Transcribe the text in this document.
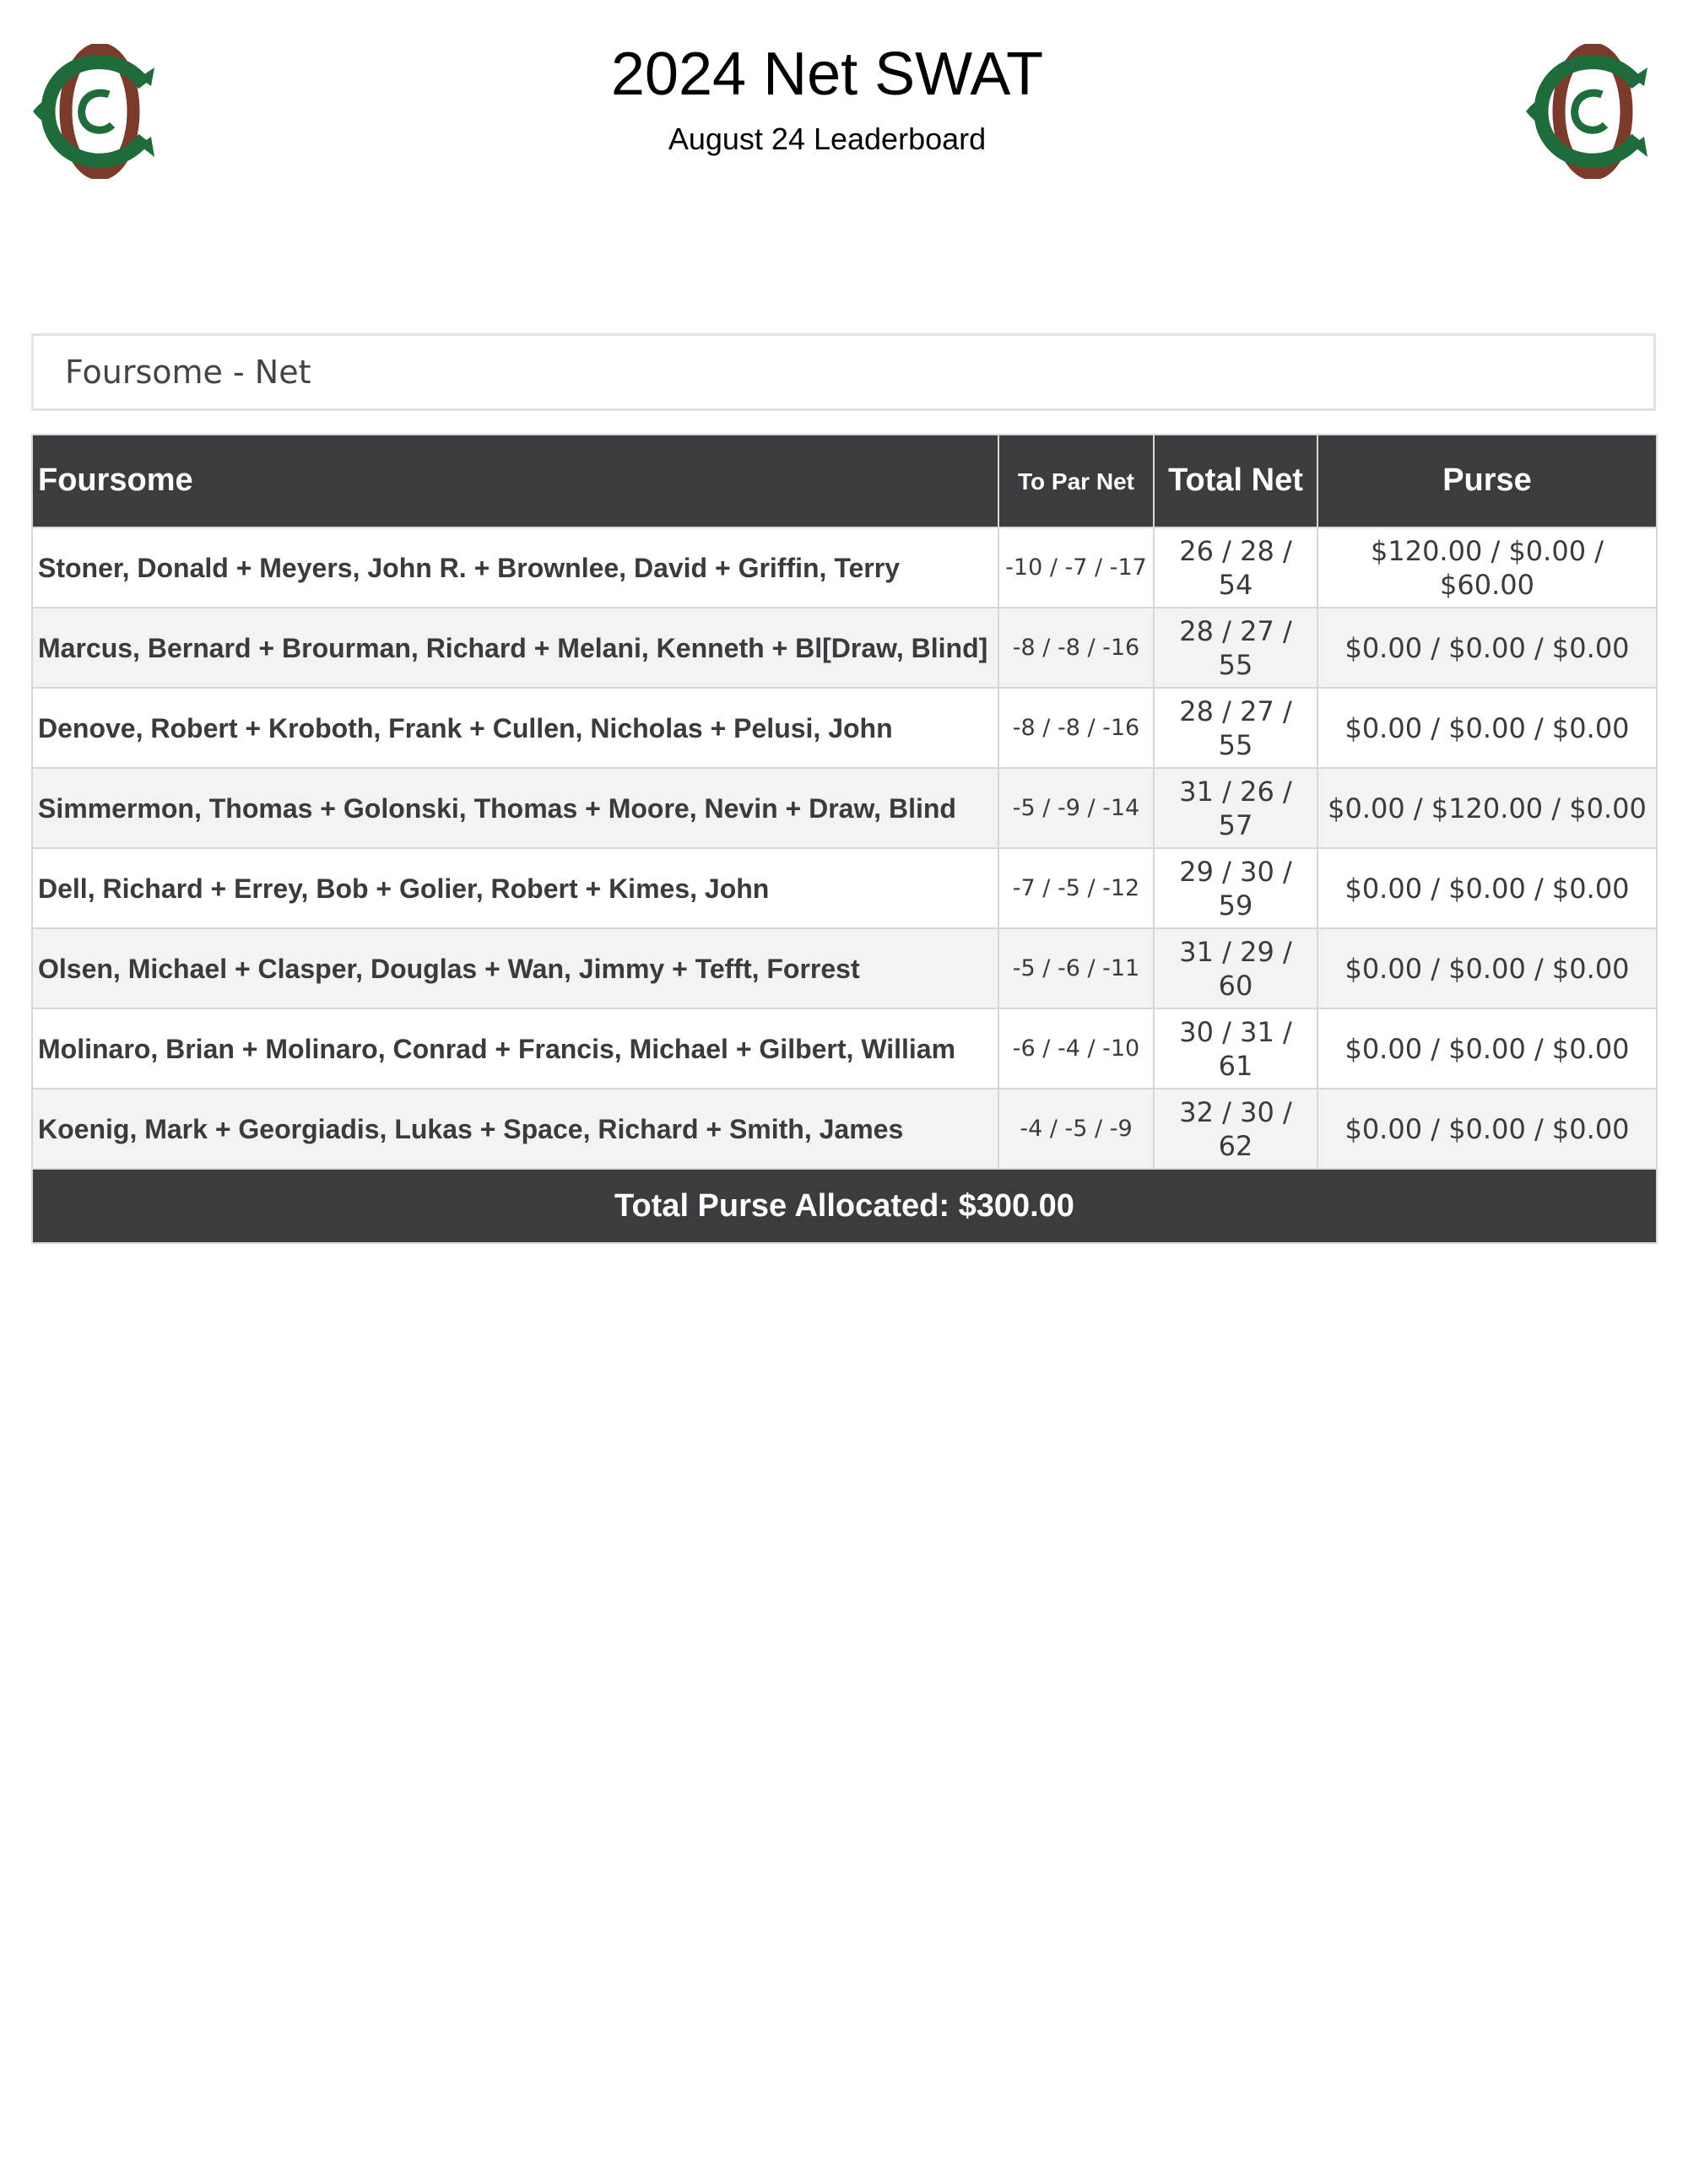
2024 Net SWAT
August 24 Leaderboard
Foursome - Net
Foursome	To Par Net	Total Net	Purse
Stoner, Donald + Meyers, John R. + Brownlee, David + Griffin, Terry	-10 / -7 / -17	26 / 28 / 54	$120.00 / $0.00 / $60.00
Marcus, Bernard + Brourman, Richard + Melani, Kenneth + Bl[Draw, Blind]	-8 / -8 / -16	28 / 27 / 55	$0.00 / $0.00 / $0.00
Denove, Robert + Kroboth, Frank + Cullen, Nicholas + Pelusi, John	-8 / -8 / -16	28 / 27 / 55	$0.00 / $0.00 / $0.00
Simmermon, Thomas + Golonski, Thomas + Moore, Nevin + Draw, Blind	-5 / -9 / -14	31 / 26 / 57	$0.00 / $120.00 / $0.00
Dell, Richard + Errey, Bob + Golier, Robert + Kimes, John	-7 / -5 / -12	29 / 30 / 59	$0.00 / $0.00 / $0.00
Olsen, Michael + Clasper, Douglas + Wan, Jimmy + Tefft, Forrest	-5 / -6 / -11	31 / 29 / 60	$0.00 / $0.00 / $0.00
Molinaro, Brian + Molinaro, Conrad + Francis, Michael + Gilbert, William	-6 / -4 / -10	30 / 31 / 61	$0.00 / $0.00 / $0.00
Koenig, Mark + Georgiadis, Lukas + Space, Richard + Smith, James	-4 / -5 / -9	32 / 30 / 62	$0.00 / $0.00 / $0.00
Total Purse Allocated: $300.00			
